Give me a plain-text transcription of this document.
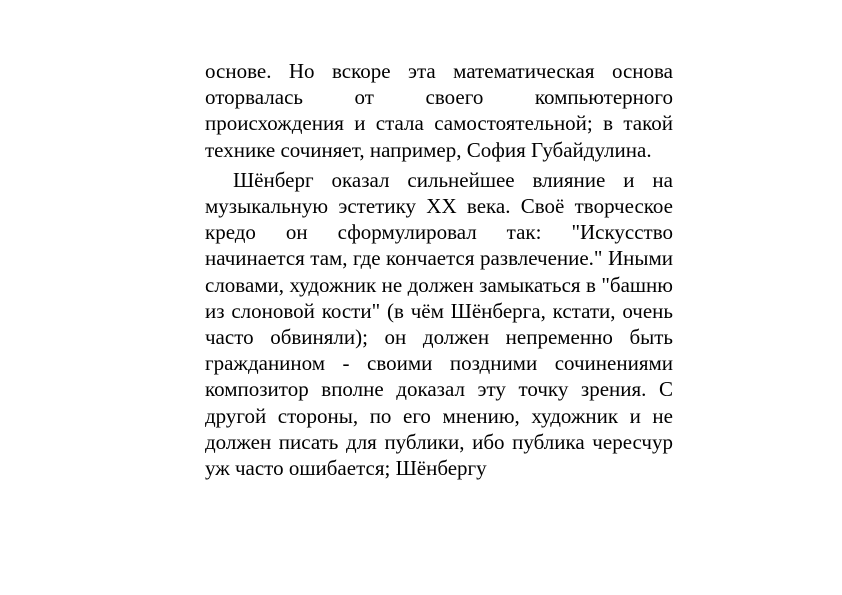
основе. Но вскоре эта математическая основа оторвалась от своего компьютерного происхождения и стала самостоятельной; в такой технике сочиняет, например, София Губайдулина.

Шёнберг оказал сильнейшее влияние и на музыкальную эстетику XX века. Своё творческое кредо он сформулировал так: "Искусство начинается там, где кончается развлечение." Иными словами, художник не должен замыкаться в "башню из слоновой кости" (в чём Шёнберга, кстати, очень часто обвиняли); он должен непременно быть гражданином - своими поздними сочинениями композитор вполне доказал эту точку зрения. С другой стороны, по его мнению, художник и не должен писать для публики, ибо публика чересчур уж часто ошибается; Шёнбергу
